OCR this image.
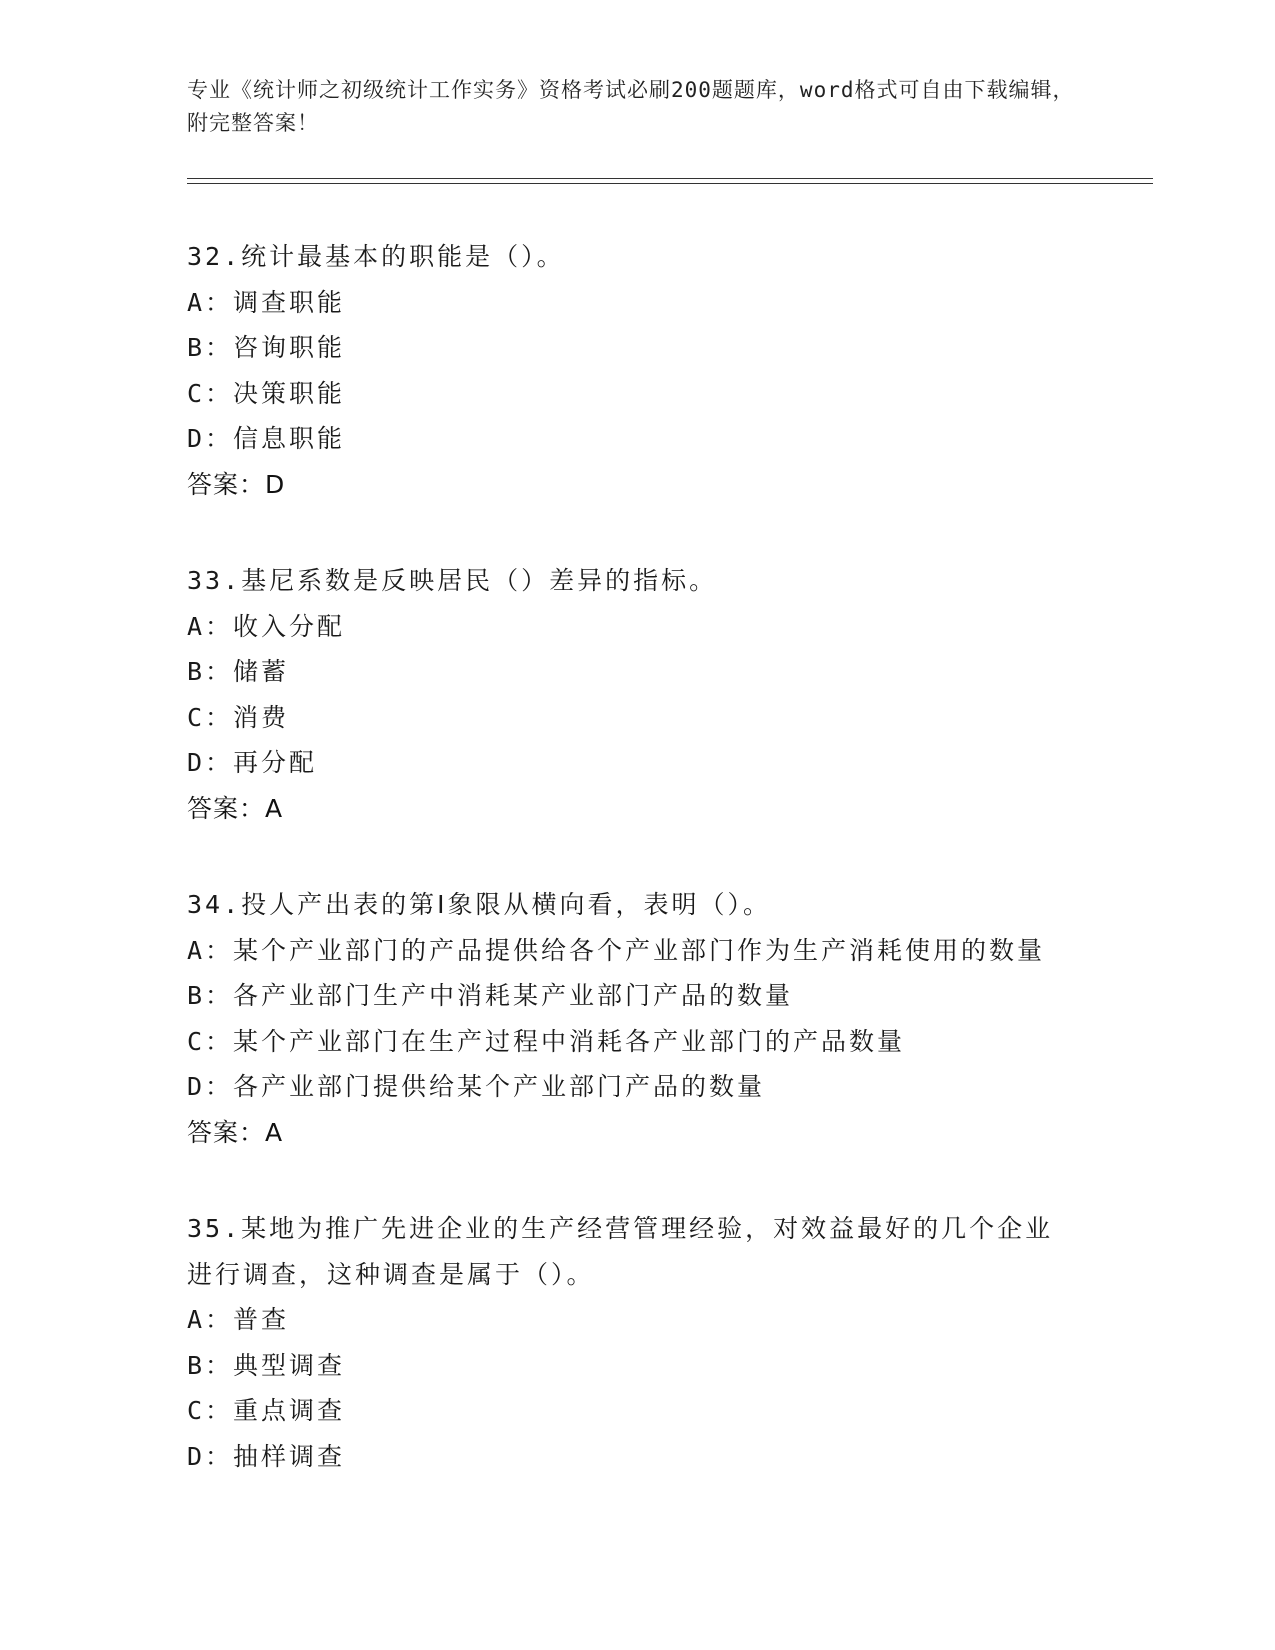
专业《统计师之初级统计工作实务》资格考试必刷200题题库，word格式可自由下载编辑，附完整答案！
32.统计最基本的职能是（）。
A：调查职能
B：咨询职能
C：决策职能
D：信息职能
答案：D
33.基尼系数是反映居民（）差异的指标。
A：收入分配
B：储蓄
C：消费
D：再分配
答案：A
34.投人产出表的第Ⅰ象限从横向看，表明（）。
A：某个产业部门的产品提供给各个产业部门作为生产消耗使用的数量
B：各产业部门生产中消耗某产业部门产品的数量
C：某个产业部门在生产过程中消耗各产业部门的产品数量
D：各产业部门提供给某个产业部门产品的数量
答案：A
35.某地为推广先进企业的生产经营管理经验，对效益最好的几个企业进行调查，这种调查是属于（）。
A：普查
B：典型调查
C：重点调查
D：抽样调查
